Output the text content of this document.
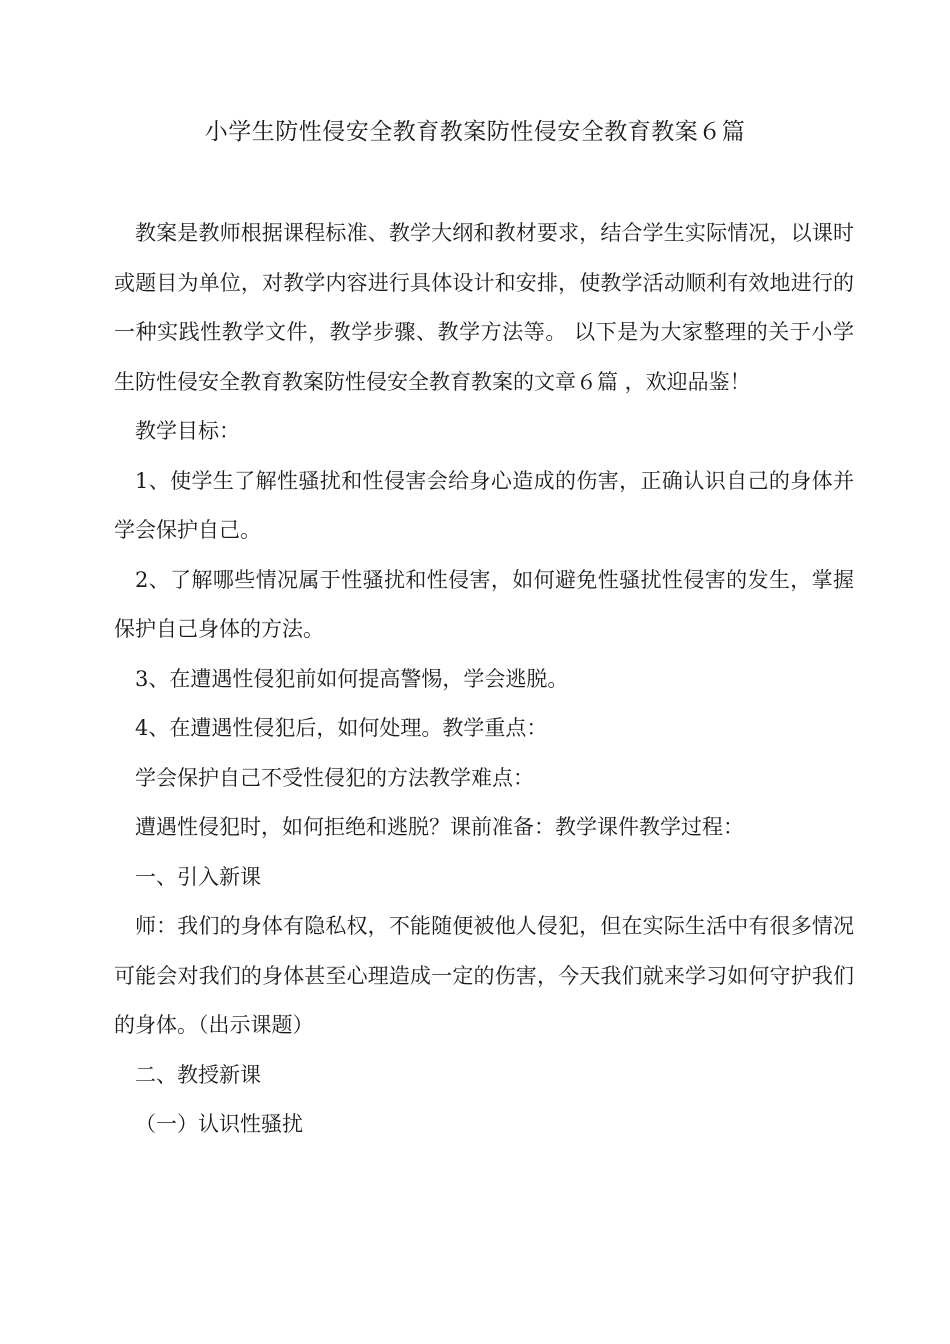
小学生防性侵安全教育教案防性侵安全教育教案６篇

教案是教师根据课程标准、教学大纲和教材要求，结合学生实际情况，以课时或题目为单位，对教学内容进行具体设计和安排，使教学活动顺利有效地进行的一种实践性教学文件，教学步骤、教学方法等。 以下是为大家整理的关于小学生防性侵安全教育教案防性侵安全教育教案的文章６篇 ，欢迎品鉴！

教学目标：

1、使学生了解性骚扰和性侵害会给身心造成的伤害，正确认识自己的身体并学会保护自己。

2、了解哪些情况属于性骚扰和性侵害，如何避免性骚扰性侵害的发生，掌握保护自己身体的方法。

3、在遭遇性侵犯前如何提高警惕，学会逃脱。

4、在遭遇性侵犯后，如何处理。教学重点：

学会保护自己不受性侵犯的方法教学难点：

遭遇性侵犯时，如何拒绝和逃脱？课前准备：教学课件教学过程：

一、引入新课

师：我们的身体有隐私权，不能随便被他人侵犯，但在实际生活中有很多情况可能会对我们的身体甚至心理造成一定的伤害，今天我们就来学习如何守护我们的身体。（出示课题）

二、教授新课

（一）认识性骚扰
